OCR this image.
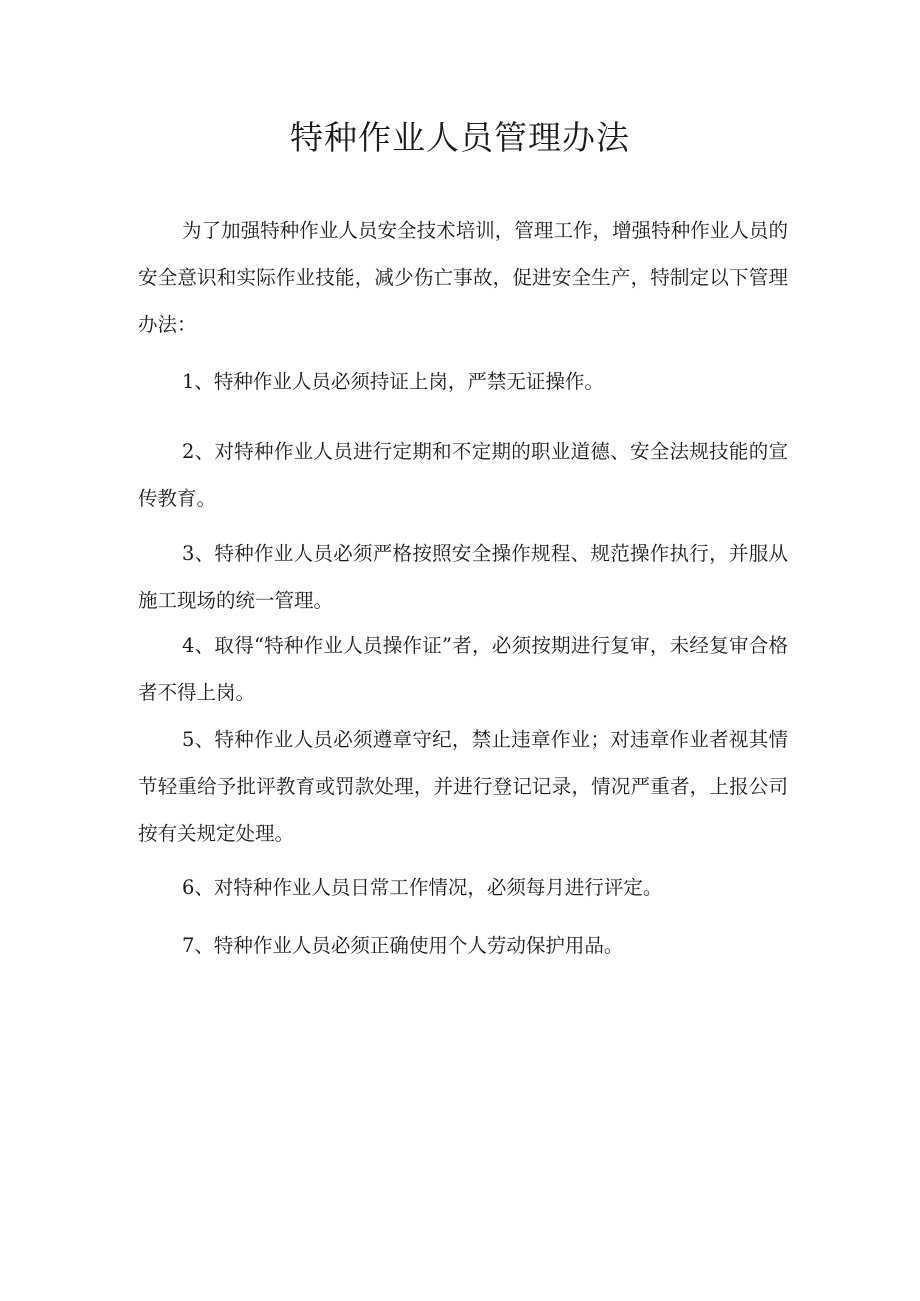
特种作业人员管理办法

为了加强特种作业人员安全技术培训，管理工作，增强特种作业人员的安全意识和实际作业技能，减少伤亡事故，促进安全生产，特制定以下管理办法：

1、特种作业人员必须持证上岗，严禁无证操作。

2、对特种作业人员进行定期和不定期的职业道德、安全法规技能的宣传教育。

3、特种作业人员必须严格按照安全操作规程、规范操作执行，并服从施工现场的统一管理。

4、取得“特种作业人员操作证”者，必须按期进行复审，未经复审合格者不得上岗。

5、特种作业人员必须遵章守纪，禁止违章作业；对违章作业者视其情节轻重给予批评教育或罚款处理，并进行登记记录，情况严重者，上报公司按有关规定处理。

6、对特种作业人员日常工作情况，必须每月进行评定。

7、特种作业人员必须正确使用个人劳动保护用品。
